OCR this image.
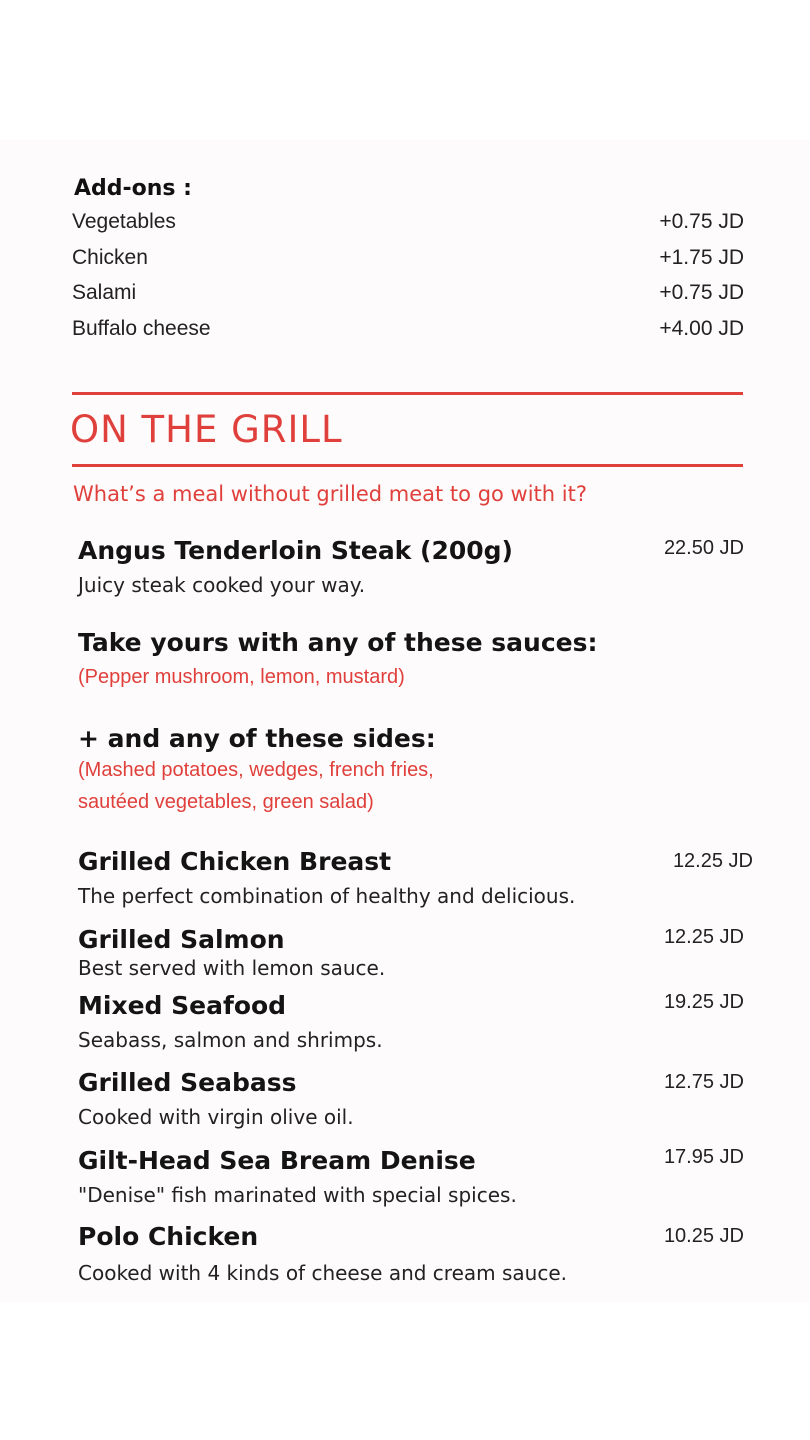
Add-ons :
Vegetables	+0.75 JD
Chicken	+1.75 JD
Salami	+0.75 JD
Buffalo cheese	+4.00 JD
ON THE GRILL
What’s a meal without grilled meat to go with it?
Angus Tenderloin Steak (200g)	22.50 JD
Juicy steak cooked your way.
Take yours with any of these sauces:
(Pepper mushroom, lemon, mustard)
+ and any of these sides:
(Mashed potatoes, wedges, french fries,
sautéed vegetables, green salad)
Grilled Chicken Breast	12.25 JD
The perfect combination of healthy and delicious.
Grilled Salmon	12.25 JD
Best served with lemon sauce.
Mixed Seafood	19.25 JD
Seabass, salmon and shrimps.
Grilled Seabass	12.75 JD
Cooked with virgin olive oil.
Gilt-Head Sea Bream Denise	17.95 JD
"Denise" fish marinated with special spices.
Polo Chicken	10.25 JD
Cooked with 4 kinds of cheese and cream sauce.
